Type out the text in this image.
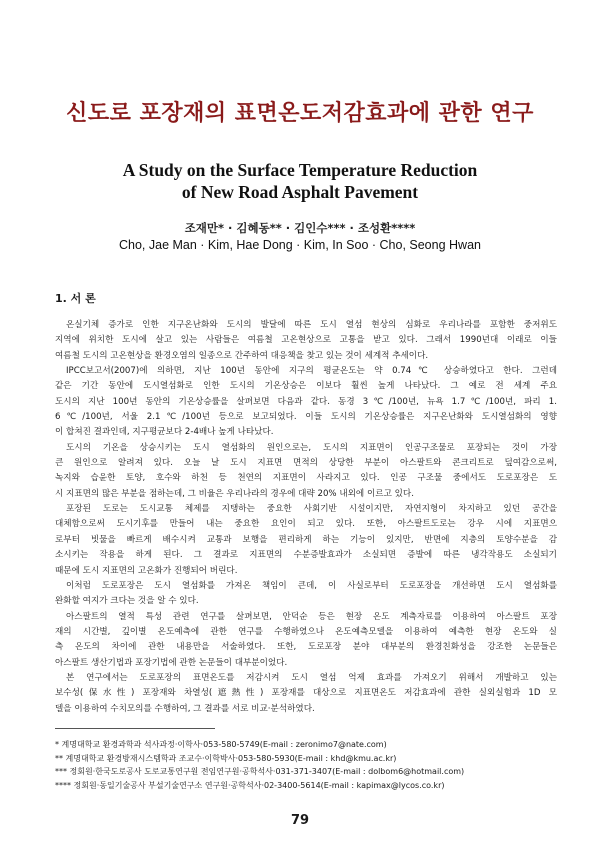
신도로 포장재의 표면온도저감효과에 관한 연구
A Study on the Surface Temperature Reduction
of New Road Asphalt Pavement
조재만* · 김혜동** · 김인수*** · 조성환****
Cho, Jae Man · Kim, Hae Dong · Kim, In Soo · Cho, Seong Hwan
1. 서 론
온실기체 증가로 인한 지구온난화와 도시의 발달에 따른 도시 열섬 현상의 심화로 우리나라를 포함한 중저위도
지역에 위치한 도시에 살고 있는 사람들은 여름철 고온현상으로 고통을 받고 있다. 그래서 1990년대 이래로 이들
여름철 도시의 고온현상을 환경오염의 일종으로 간주하여 대응책을 찾고 있는 것이 세계적 추세이다.
IPCC보고서(2007)에 의하면, 지난 100년 동안에 지구의 평균온도는 약 0.74℃ 상승하였다고 한다. 그런데
같은 기간 동안에 도시열섬화로 인한 도시의 기온상승은 이보다 훨씬 높게 나타났다. 그 예로 전 세계 주요
도시의 지난 100년 동안의 기온상승률을 살펴보면 다음과 같다. 동경 3℃/100년, 뉴욕 1.7℃/100년, 파리 1.
6℃/100년, 서울 2.1℃/100년 등으로 보고되었다. 이들 도시의 기온상승률은 지구온난화와 도시열섬화의 영향
이 합쳐진 결과인데, 지구평균보다 2-4배나 높게 나타났다.
도시의 기온을 상승시키는 도시 열섬화의 원인으로는, 도시의 지표면이 인공구조물로 포장되는 것이 가장
큰 원인으로 알려져 있다. 오늘 날 도시 지표면 면적의 상당한 부분이 아스팔트와 콘크리트로 덮여감으로써,
녹지와 습윤한 토양, 호수와 하천 등 천연의 지표면이 사라지고 있다. 인공 구조물 중에서도 도로포장은 도
시 지표면의 많은 부분을 점하는데, 그 비율은 우리나라의 경우에 대략 20% 내외에 이르고 있다.
포장된 도로는 도시교통 체제를 지탱하는 중요한 사회기반 시설이지만, 자연지형이 차지하고 있던 공간을
대체함으로써 도시기후를 만들어 내는 중요한 요인이 되고 있다. 또한, 아스팔트도로는 강우 시에 지표면으
로부터 빗물을 빠르게 배수시켜 교통과 보행을 편리하게 하는 기능이 있지만, 반면에 지층의 토양수분을 감
소시키는 작용을 하게 된다. 그 결과로 지표면의 수분증발효과가 소실되면 증발에 따른 냉각작용도 소실되기
때문에 도시 지표면의 고온화가 진행되어 버린다.
이처럼 도로포장은 도시 열섬화를 가져온 책임이 큰데, 이 사실로부터 도로포장을 개선하면 도시 열섬화를
완화할 여지가 크다는 것을 알 수 있다.
아스팔트의 열적 특성 관련 연구를 살펴보면, 안덕순 등은 현장 온도 계측자료를 이용하여 아스팔트 포장
재의 시간별, 깊이별 온도예측에 관한 연구를 수행하였으나 온도예측모델을 이용하여 예측한 현장 온도와 실
측 온도의 차이에 관한 내용만을 서술하였다. 또한, 도로포장 분야 대부분의 환경친화성을 강조한 논문들은
아스팔트 생산기법과 포장기법에 관한 논문들이 대부분이었다.
본 연구에서는 도로포장의 표면온도를 저감시켜 도시 열섬 억제 효과를 가져오기 위해서 개발하고 있는
보수성(保水性) 포장재와 차열성(遮熱性) 포장재를 대상으로 지표면온도 저감효과에 관한 실외실험과 1D 모
델을 이용하여 수치모의를 수행하여, 그 결과를 서로 비교·분석하였다.
* 계명대학교 환경과학과 석사과정·이학사·053-580-5749(E-mail : zeronimo7@nate.com)
** 계명대학교 환경방재시스템학과 조교수·이학박사·053-580-5930(E-mail : khd@kmu.ac.kr)
*** 정회원·한국도로공사 도로교통연구원 전임연구원·공학석사·031-371-3407(E-mail : dolbom6@hotmail.com)
**** 정회원·동일기술공사 부설기술연구소 연구원·공학석사·02-3400-5614(E-mail : kapimax@lycos.co.kr)
79
